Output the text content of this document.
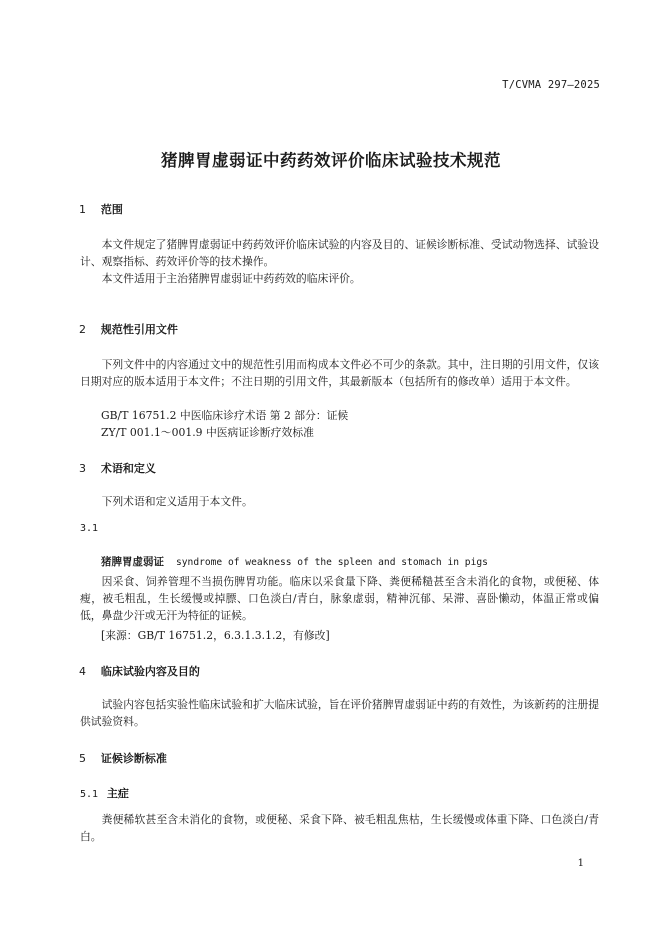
T/CVMA 297—2025
猪脾胃虚弱证中药药效评价临床试验技术规范
1 范围
本文件规定了猪脾胃虚弱证中药药效评价临床试验的内容及目的、证候诊断标准、受试动物选择、试验设计、观察指标、药效评价等的技术操作。
本文件适用于主治猪脾胃虚弱证中药药效的临床评价。
2 规范性引用文件
下列文件中的内容通过文中的规范性引用而构成本文件必不可少的条款。其中，注日期的引用文件，仅该日期对应的版本适用于本文件；不注日期的引用文件，其最新版本（包括所有的修改单）适用于本文件。
GB/T 16751.2 中医临床诊疗术语 第 2 部分：证候
ZY/T 001.1～001.9 中医病证诊断疗效标准
3 术语和定义
下列术语和定义适用于本文件。
3.1
猪脾胃虚弱证 syndrome of weakness of the spleen and stomach in pigs
因采食、饲养管理不当损伤脾胃功能。临床以采食量下降、粪便稀糙甚至含未消化的食物，或便秘、体瘦，被毛粗乱，生长缓慢或掉膘、口色淡白/青白，脉象虚弱，精神沉郁、呆滞、喜卧懒动，体温正常或偏低，鼻盘少汗或无汗为特征的证候。
[来源：GB/T 16751.2，6.3.1.3.1.2，有修改]
4 临床试验内容及目的
试验内容包括实验性临床试验和扩大临床试验，旨在评价猪脾胃虚弱证中药的有效性，为该新药的注册提供试验资料。
5 证候诊断标准
5.1 主症
粪便稀软甚至含未消化的食物，或便秘、采食下降、被毛粗乱焦枯，生长缓慢或体重下降、口色淡白/青白。
1
